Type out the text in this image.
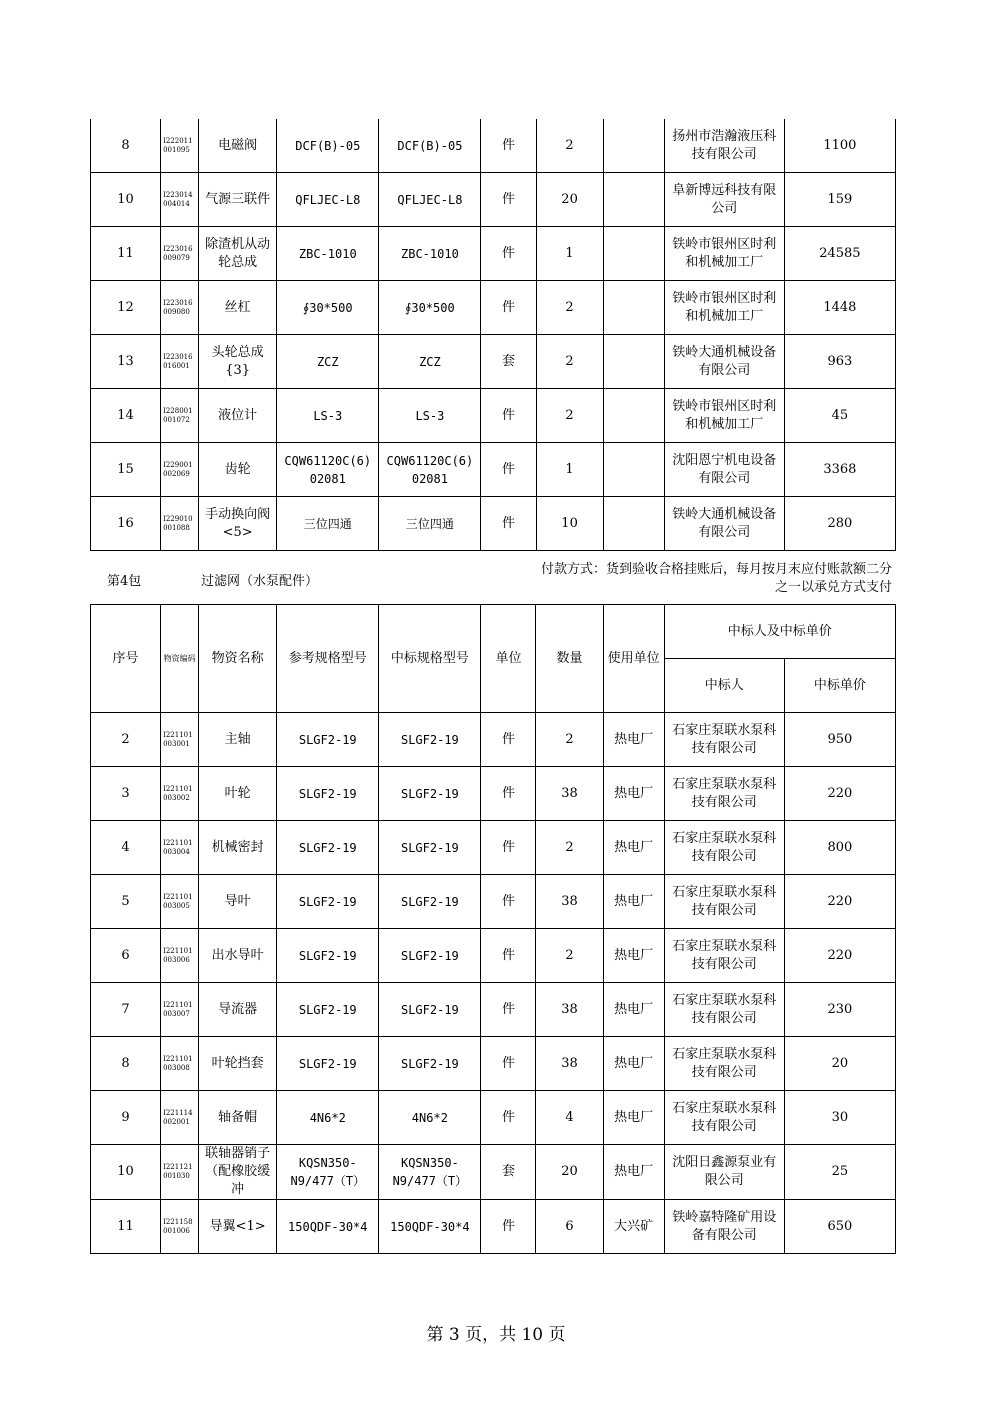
8	I222011 001095	电磁阀	DCF(B)-05	DCF(B)-05	件	2		扬州市浩瀚液压科技有限公司	1100
10	I223014 004014	气源三联件	QFLJEC-L8	QFLJEC-L8	件	20		阜新博远科技有限公司	159
11	I223016 009079	除渣机从动轮总成	ZBC-1010	ZBC-1010	件	1		铁岭市银州区时利和机械加工厂	24585
12	I223016 009080	丝杠	∮30*500	∮30*500	件	2		铁岭市银州区时利和机械加工厂	1448
13	I223016 016001	头轮总成{3}	ZCZ	ZCZ	套	2		铁岭大通机械设备有限公司	963
14	I228001 001072	液位计	LS-3	LS-3	件	2		铁岭市银州区时利和机械加工厂	45
15	I229001 002069	齿轮	CQW61120C(6) 02081	CQW61120C(6) 02081	件	1		沈阳恩宁机电设备有限公司	3368
16	I229010 001088	手动换向阀<5>	三位四通	三位四通	件	10		铁岭大通机械设备有限公司	280
第4包	过滤网（水泵配件）
付款方式：货到验收合格挂账后，每月按月末应付账款额二分之一以承兑方式支付
序号	物资编码	物资名称	参考规格型号	中标规格型号	单位	数量	使用单位	中标人及中标单价	
								中标人	中标单价
2	I221101 003001	主轴	SLGF2-19	SLGF2-19	件	2	热电厂	石家庄泵联水泵科技有限公司	950
3	I221101 003002	叶轮	SLGF2-19	SLGF2-19	件	38	热电厂	石家庄泵联水泵科技有限公司	220
4	I221101 003004	机械密封	SLGF2-19	SLGF2-19	件	2	热电厂	石家庄泵联水泵科技有限公司	800
5	I221101 003005	导叶	SLGF2-19	SLGF2-19	件	38	热电厂	石家庄泵联水泵科技有限公司	220
6	I221101 003006	出水导叶	SLGF2-19	SLGF2-19	件	2	热电厂	石家庄泵联水泵科技有限公司	220
7	I221101 003007	导流器	SLGF2-19	SLGF2-19	件	38	热电厂	石家庄泵联水泵科技有限公司	230
8	I221101 003008	叶轮挡套	SLGF2-19	SLGF2-19	件	38	热电厂	石家庄泵联水泵科技有限公司	20
9	I221114 002001	轴备帽	4N6*2	4N6*2	件	4	热电厂	石家庄泵联水泵科技有限公司	30
10	I221121 001030	联轴器销子（配橡胶缓冲	KQSN350-N9/477（T）	KQSN350-N9/477（T）	套	20	热电厂	沈阳日鑫源泵业有限公司	25
11	I221158 001006	导翼<1>	150QDF-30*4	150QDF-30*4	件	6	大兴矿	铁岭嘉特隆矿用设备有限公司	650
第 3 页，共 10 页
